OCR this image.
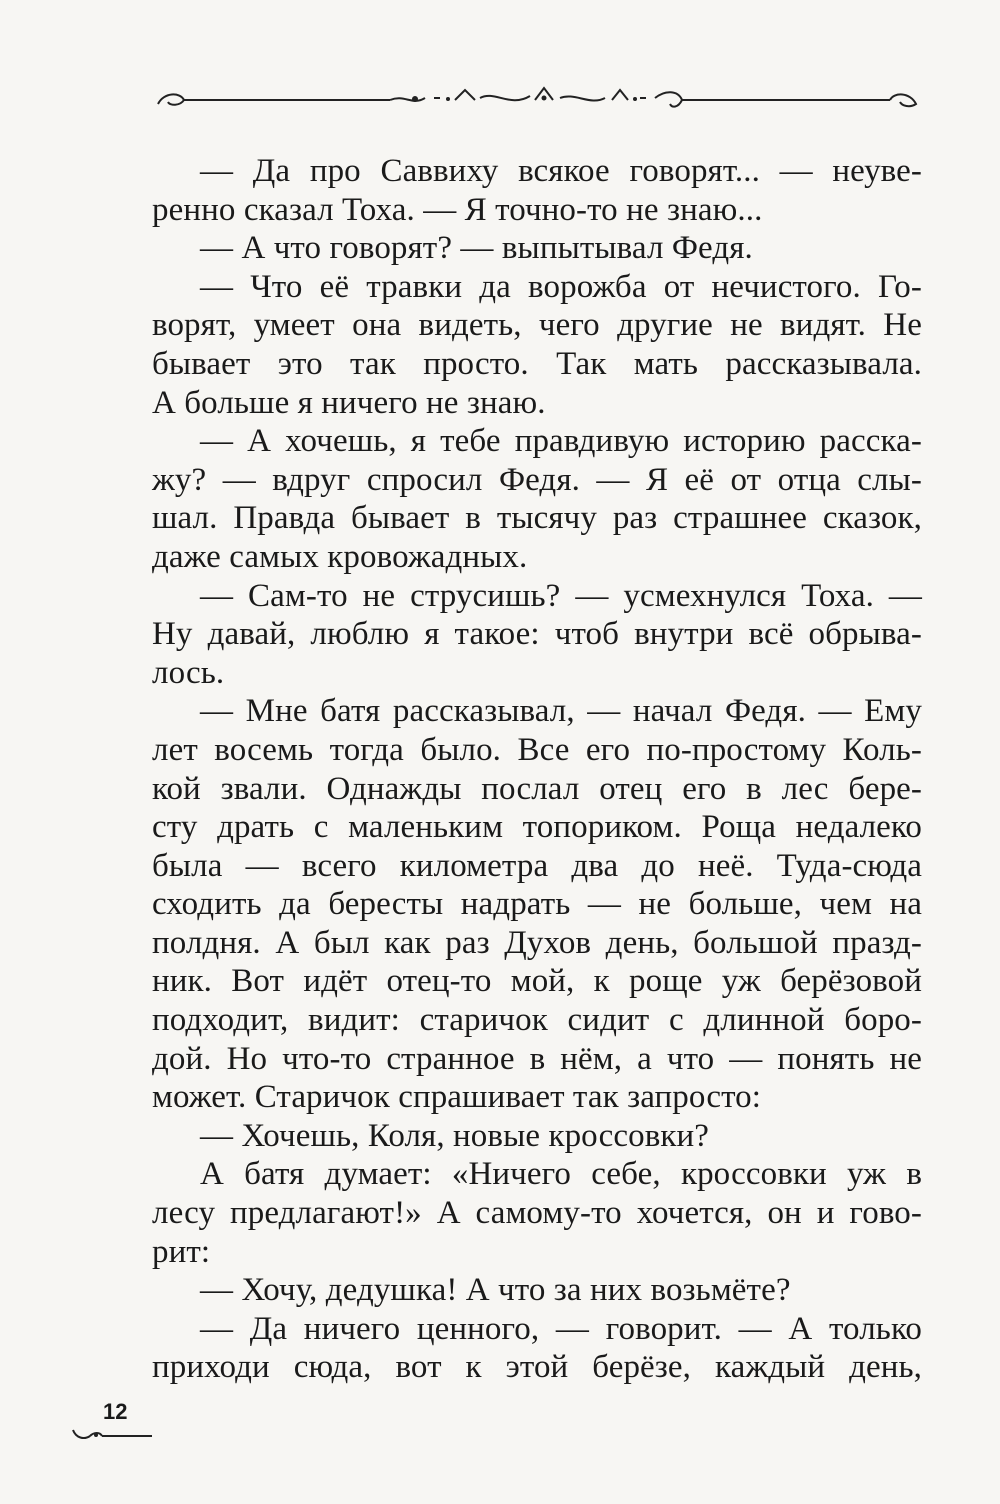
— Да про Саввиху всякое говорят... — неуве-
ренно сказал Тоха. — Я точно-то не знаю...
— А что говорят? — выпытывал Федя.
— Что её травки да ворожба от нечистого. Го-
ворят, умеет она видеть, чего другие не видят. Не
бывает это так просто. Так мать рассказывала.
А больше я ничего не знаю.
— А хочешь, я тебе правдивую историю расска-
жу? — вдруг спросил Федя. — Я её от отца слы-
шал. Правда бывает в тысячу раз страшнее сказок,
даже самых кровожадных.
— Сам-то не струсишь? — усмехнулся Тоха. —
Ну давай, люблю я такое: чтоб внутри всё обрыва-
лось.
— Мне батя рассказывал, — начал Федя. — Ему
лет восемь тогда было. Все его по-простому Коль-
кой звали. Однажды послал отец его в лес бере-
сту драть с маленьким топориком. Роща недалеко
была — всего километра два до неё. Туда-сюда
сходить да бересты надрать — не больше, чем на
полдня. А был как раз Духов день, большой празд-
ник. Вот идёт отец-то мой, к роще уж берёзовой
подходит, видит: старичок сидит с длинной боро-
дой. Но что-то странное в нём, а что — понять не
может. Старичок спрашивает так запросто:
— Хочешь, Коля, новые кроссовки?
А батя думает: «Ничего себе, кроссовки уж в
лесу предлагают!» А самому-то хочется, он и гово-
рит:
— Хочу, дедушка! А что за них возьмёте?
— Да ничего ценного, — говорит. — А только
приходи сюда, вот к этой берёзе, каждый день,
12
